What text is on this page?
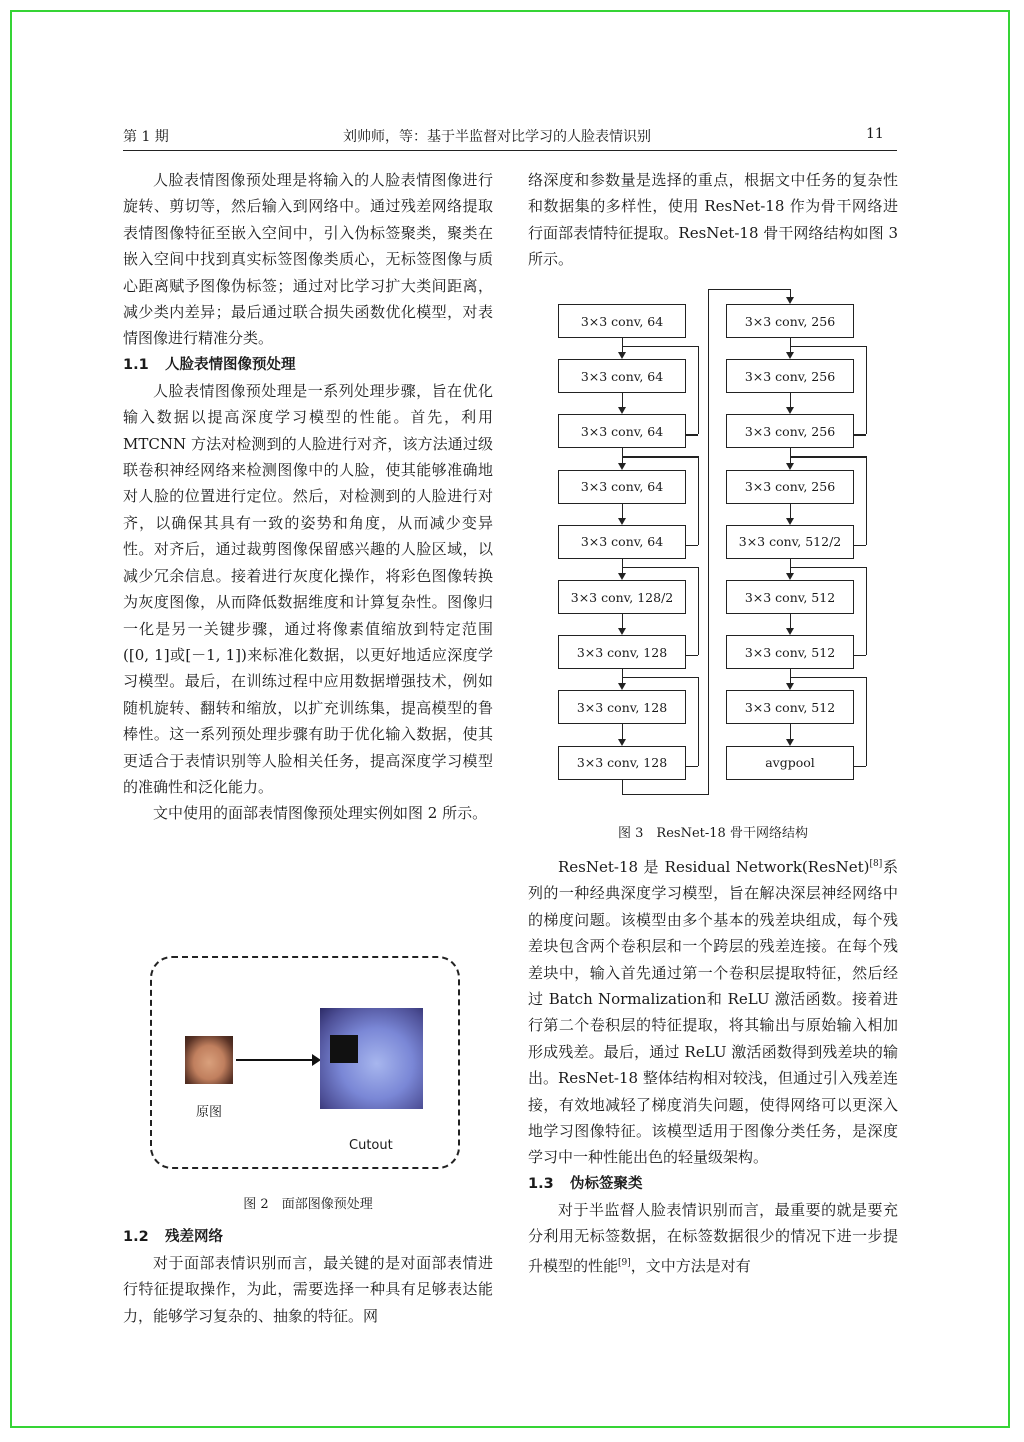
第 1 期	刘帅师，等：基于半监督对比学习的人脸表情识别	11

人脸表情图像预处理是将输入的人脸表情图像进行旋转、剪切等，然后输入到网络中。通过残差网络提取表情图像特征至嵌入空间中，引入伪标签聚类，聚类在嵌入空间中找到真实标签图像类质心，无标签图像与质心距离赋予图像伪标签；通过对比学习扩大类间距离，减少类内差异；最后通过联合损失函数优化模型，对表情图像进行精准分类。

1.1 人脸表情图像预处理

人脸表情图像预处理是一系列处理步骤，旨在优化输入数据以提高深度学习模型的性能。首先，利用 MTCNN 方法对检测到的人脸进行对齐，该方法通过级联卷积神经网络来检测图像中的人脸，使其能够准确地对人脸的位置进行定位。然后，对检测到的人脸进行对齐，以确保其具有一致的姿势和角度，从而减少变异性。对齐后，通过裁剪图像保留感兴趣的人脸区域，以减少冗余信息。接着进行灰度化操作，将彩色图像转换为灰度图像，从而降低数据维度和计算复杂性。图像归一化是另一关键步骤，通过将像素值缩放到特定范围([0, 1]或[－1, 1])来标准化数据，以更好地适应深度学习模型。最后，在训练过程中应用数据增强技术，例如随机旋转、翻转和缩放，以扩充训练集，提高模型的鲁棒性。这一系列预处理步骤有助于优化输入数据，使其更适合于表情识别等人脸相关任务，提高深度学习模型的准确性和泛化能力。

文中使用的面部表情图像预处理实例如图 2 所示。

原图
Cutout
图 2　面部图像预处理

1.2 残差网络

对于面部表情识别而言，最关键的是对面部表情进行特征提取操作，为此，需要选择一种具有足够表达能力，能够学习复杂的、抽象的特征。网

络深度和参数量是选择的重点，根据文中任务的复杂性和数据集的多样性，使用 ResNet-18 作为骨干网络进行面部表情特征提取。ResNet-18 骨干网络结构如图 3 所示。

3×3 conv, 64
3×3 conv, 64
3×3 conv, 64
3×3 conv, 64
3×3 conv, 64
3×3 conv, 128/2
3×3 conv, 128
3×3 conv, 128
3×3 conv, 128
3×3 conv, 256
3×3 conv, 256
3×3 conv, 256
3×3 conv, 256
3×3 conv, 512/2
3×3 conv, 512
3×3 conv, 512
3×3 conv, 512
avgpool
图 3　ResNet-18 骨干网络结构

ResNet-18 是 Residual Network(ResNet)[8]系列的一种经典深度学习模型，旨在解决深层神经网络中的梯度问题。该模型由多个基本的残差块组成，每个残差块包含两个卷积层和一个跨层的残差连接。在每个残差块中，输入首先通过第一个卷积层提取特征，然后经过 Batch Normalization和 ReLU 激活函数。接着进行第二个卷积层的特征提取，将其输出与原始输入相加形成残差。最后，通过 ReLU 激活函数得到残差块的输出。ResNet-18 整体结构相对较浅，但通过引入残差连接，有效地减轻了梯度消失问题，使得网络可以更深入地学习图像特征。该模型适用于图像分类任务，是深度学习中一种性能出色的轻量级架构。

1.3 伪标签聚类

对于半监督人脸表情识别而言，最重要的就是要充分利用无标签数据，在标签数据很少的情况下进一步提升模型的性能[9]，文中方法是对有
